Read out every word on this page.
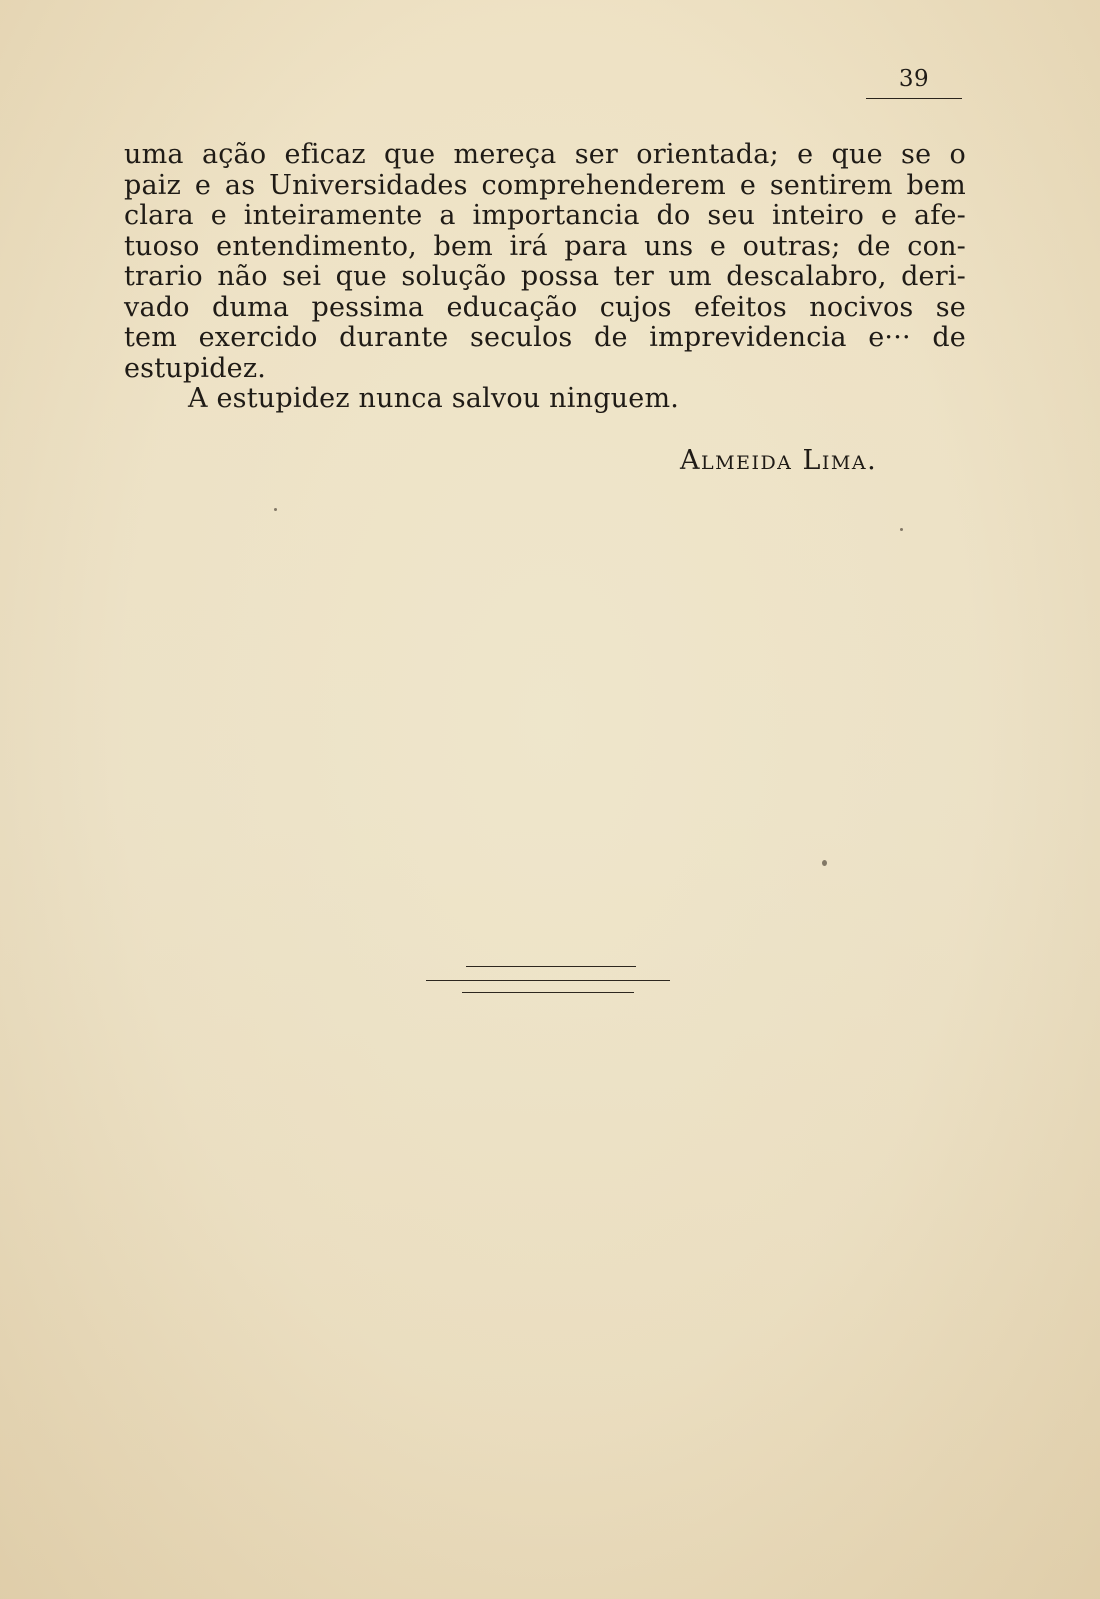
39
uma ação eficaz que mereça ser orientada; e que se o
paiz e as Universidades comprehenderem e sentirem bem
clara e inteiramente a importancia do seu inteiro e afe-
tuoso entendimento, bem irá para uns e outras; de con-
trario não sei que solução possa ter um descalabro, deri-
vado duma pessima educação cujos efeitos nocivos se
tem exercido durante seculos de imprevidencia e··· de
estupidez.
A estupidez nunca salvou ninguem.
Almeida Lima.
